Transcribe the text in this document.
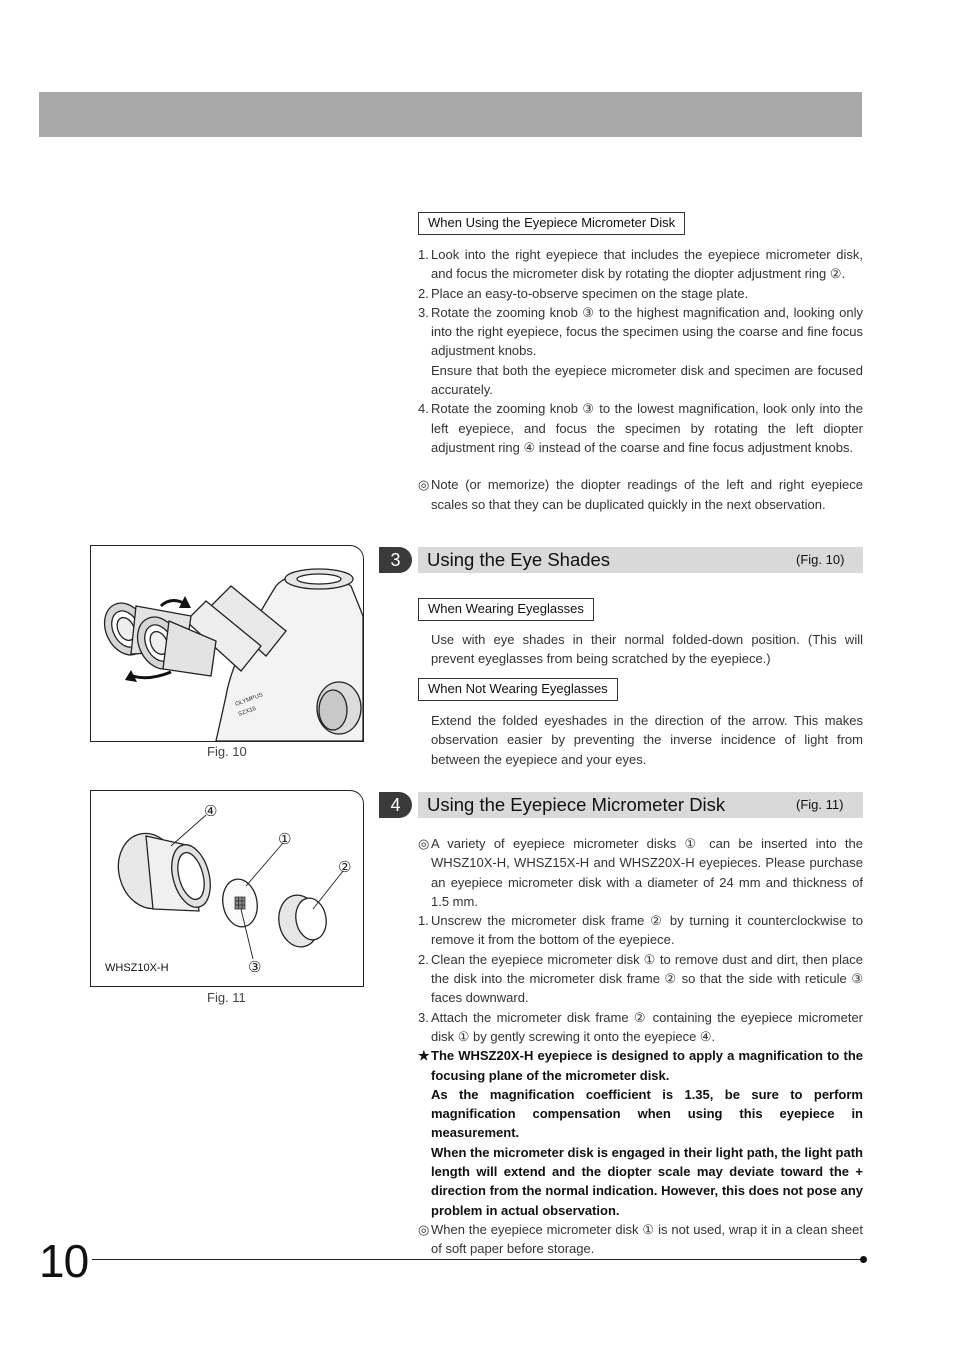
When Using the Eyepiece Micrometer Disk
1. Look into the right eyepiece that includes the eyepiece micrometer disk, and focus the micrometer disk by rotating the diopter adjustment ring ②.
2. Place an easy-to-observe specimen on the stage plate.
3. Rotate the zooming knob ③ to the highest magnification and, looking only into the right eyepiece, focus the specimen using the coarse and fine focus adjustment knobs.
Ensure that both the eyepiece micrometer disk and specimen are focused accurately.
4. Rotate the zooming knob ③ to the lowest magnification, look only into the left eyepiece, and focus the specimen by rotating the left diopter adjustment ring ④ instead of the coarse and fine focus adjustment knobs.
◎ Note (or memorize) the diopter readings of the left and right eyepiece scales so that they can be duplicated quickly in the next observation.
OLYMPUS
SZX16
Fig. 10
3	Using the Eye Shades	(Fig. 10)
When Wearing Eyeglasses
Use with eye shades in their normal folded-down position. (This will prevent eyeglasses from being scratched by the eyepiece.)
When Not Wearing Eyeglasses
Extend the folded eyeshades in the direction of the arrow. This makes observation easier by preventing the inverse incidence of light from between the eyepiece and your eyes.
④
①
②
③
WHSZ10X-H
Fig. 11
4	Using the Eyepiece Micrometer Disk	(Fig. 11)
◎ A variety of eyepiece micrometer disks ① can be inserted into the WHSZ10X-H, WHSZ15X-H and WHSZ20X-H eyepieces. Please purchase an eyepiece micrometer disk with a diameter of 24 mm and thickness of 1.5 mm.
1. Unscrew the micrometer disk frame ② by turning it counterclockwise to remove it from the bottom of the eyepiece.
2. Clean the eyepiece micrometer disk ① to remove dust and dirt, then place the disk into the micrometer disk frame ② so that the side with reticule ③ faces downward.
3. Attach the micrometer disk frame ② containing the eyepiece micrometer disk ① by gently screwing it onto the eyepiece ④.
★ The WHSZ20X-H eyepiece is designed to apply a magnification to the focusing plane of the micrometer disk.
As the magnification coefficient is 1.35, be sure to perform magnification compensation when using this eyepiece in measurement.
When the micrometer disk is engaged in their light path, the light path length will extend and the diopter scale may deviate toward the + direction from the normal indication. However, this does not pose any problem in actual observation.
◎ When the eyepiece micrometer disk ① is not used, wrap it in a clean sheet of soft paper before storage.
10
